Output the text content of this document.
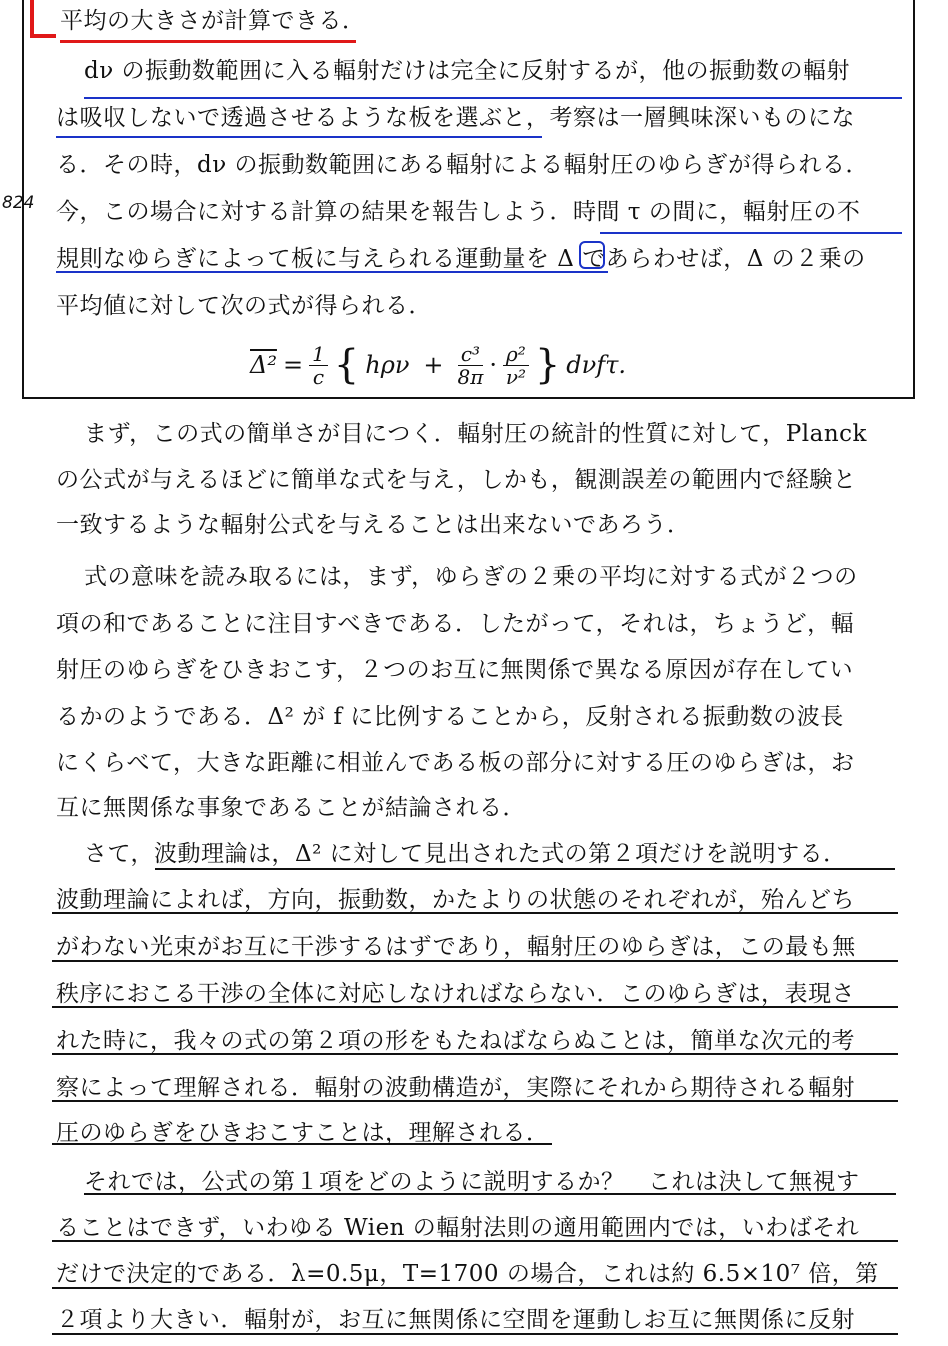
824
平均の大きさが計算できる．
dν の振動数範囲に入る輻射だけは完全に反射するが，他の振動数の輻射
は吸収しないで透過させるような板を選ぶと，考察は一層興味深いものにな
る．その時，dν の振動数範囲にある輻射による輻射圧のゆらぎが得られる．
今，この場合に対する計算の結果を報告しよう．時間 τ の間に，輻射圧の不
規則なゆらぎによって板に与えられる運動量を Δ であらわせば，Δ の２乗の
平均値に対して次の式が得られる．
$\Delta^2 = \frac{1}{c}$ { $h\rho\nu + \frac{\text{c³}}{8\pi} \cdot \frac{\text{ρ²}}{\text{ν²}}$ } dνfτ.
まず，この式の簡単さが目につく．輻射圧の統計的性質に対して，Planck
の公式が与えるほどに簡単な式を与え，しかも，観測誤差の範囲内で経験と
一致するような輻射公式を与えることは出来ないであろう．
式の意味を読み取るには，まず，ゆらぎの２乗の平均に対する式が２つの
項の和であることに注目すべきである．したがって，それは，ちょうど，輻
射圧のゆらぎをひきおこす，２つのお互に無関係で異なる原因が存在してい
るかのようである．Δ² が f に比例することから，反射される振動数の波長
にくらべて，大きな距離に相並んである板の部分に対する圧のゆらぎは，お
互に無関係な事象であることが結論される．
さて，波動理論は，Δ² に対して見出された式の第２項だけを説明する．
波動理論によれば，方向，振動数，かたよりの状態のそれぞれが，殆んどち
がわない光束がお互に干渉するはずであり，輻射圧のゆらぎは，この最も無
秩序におこる干渉の全体に対応しなければならない．このゆらぎは，表現さ
れた時に，我々の式の第２項の形をもたねばならぬことは，簡単な次元的考
察によって理解される．輻射の波動構造が，実際にそれから期待される輻射
圧のゆらぎをひきおこすことは，理解される．
それでは，公式の第１項をどのように説明するか？　これは決して無視す
ることはできず，いわゆる Wien の輻射法則の適用範囲内では，いわばそれ
だけで決定的である．λ=0.5μ，T=1700 の場合，これは約 6.5×10⁷ 倍，第
２項より大きい．輻射が，お互に無関係に空間を運動しお互に無関係に反射
